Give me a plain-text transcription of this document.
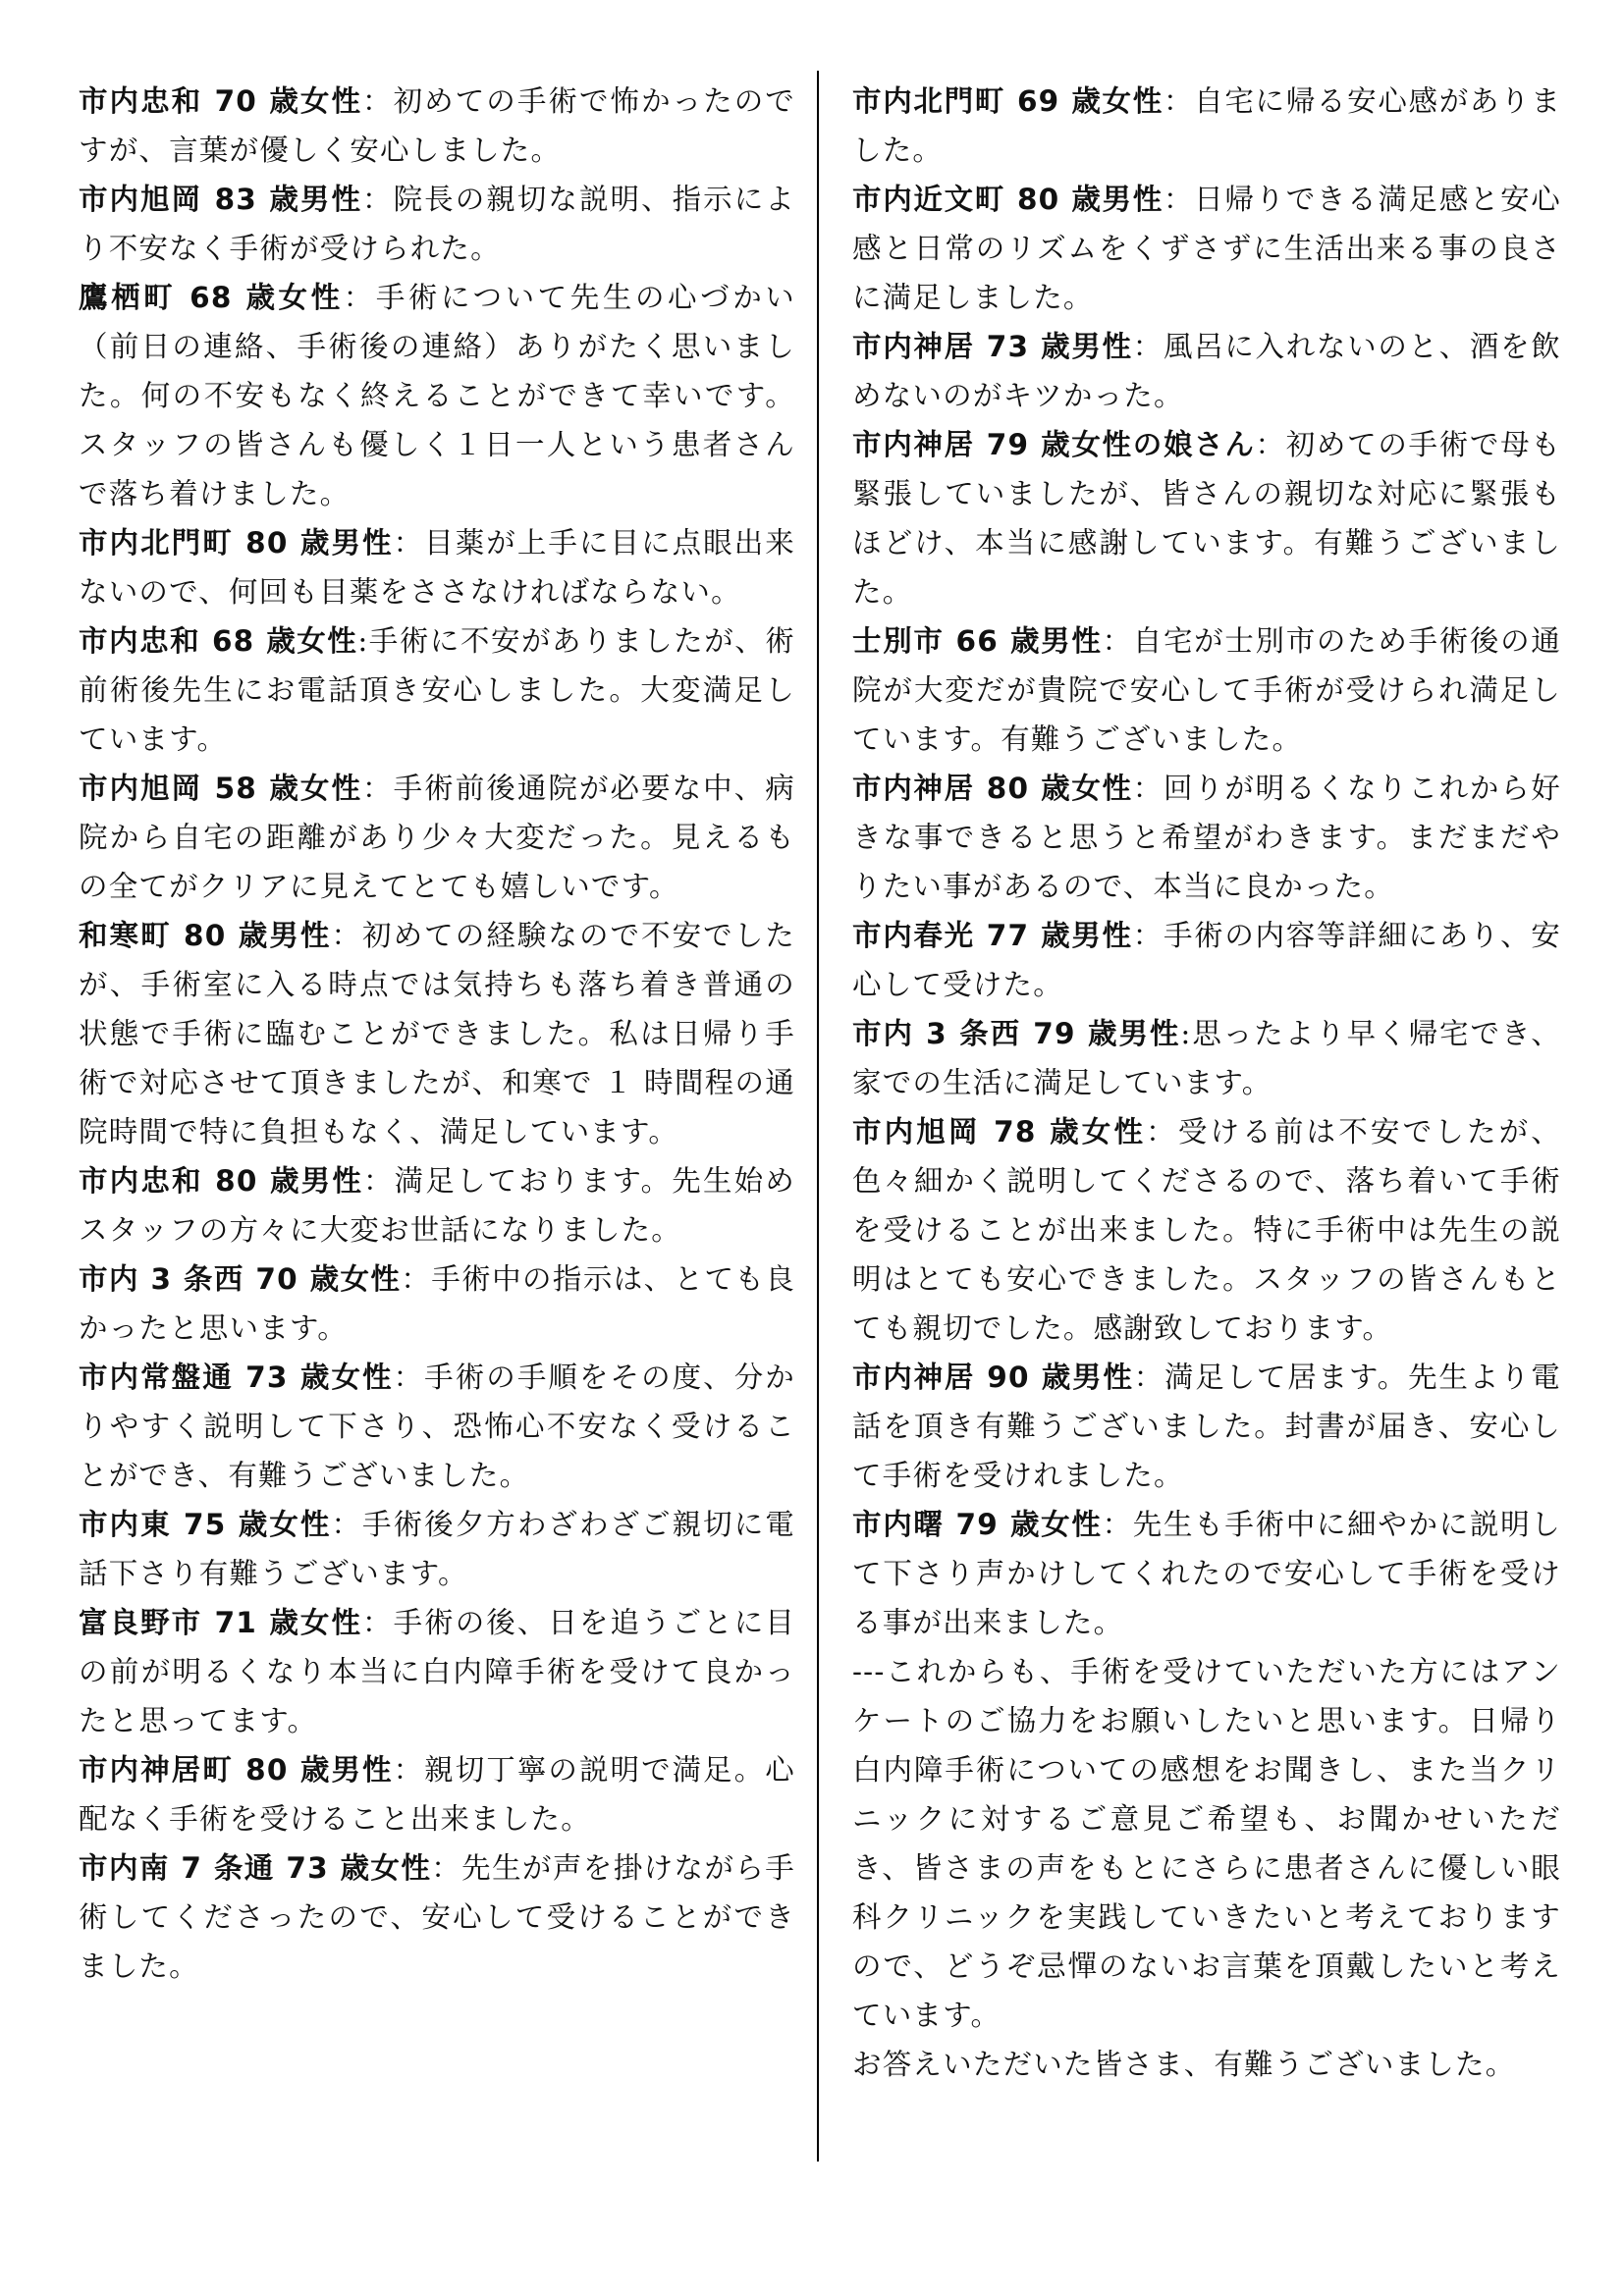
市内忠和 70 歳女性：初めての手術で怖かったのですが、言葉が優しく安心しました。

市内旭岡 83 歳男性：院長の親切な説明、指示により不安なく手術が受けられた。

鷹栖町 68 歳女性：手術について先生の心づかい（前日の連絡、手術後の連絡）ありがたく思いました。何の不安もなく終えることができて幸いです。スタッフの皆さんも優しく１日一人という患者さんで落ち着けました。

市内北門町 80 歳男性：目薬が上手に目に点眼出来ないので、何回も目薬をささなければならない。

市内忠和 68 歳女性:手術に不安がありましたが、術前術後先生にお電話頂き安心しました。大変満足しています。

市内旭岡 58 歳女性：手術前後通院が必要な中、病院から自宅の距離があり少々大変だった。見えるもの全てがクリアに見えてとても嬉しいです。

和寒町 80 歳男性：初めての経験なので不安でしたが、手術室に入る時点では気持ちも落ち着き普通の状態で手術に臨むことができました。私は日帰り手術で対応させて頂きましたが、和寒で １ 時間程の通院時間で特に負担もなく、満足しています。

市内忠和 80 歳男性：満足しております。先生始めスタッフの方々に大変お世話になりました。

市内 3 条西 70 歳女性：手術中の指示は、とても良かったと思います。

市内常盤通 73 歳女性：手術の手順をその度、分かりやすく説明して下さり、恐怖心不安なく受けることができ、有難うございました。

市内東 75 歳女性：手術後夕方わざわざご親切に電話下さり有難うございます。

富良野市 71 歳女性：手術の後、日を追うごとに目の前が明るくなり本当に白内障手術を受けて良かったと思ってます。

市内神居町 80 歳男性：親切丁寧の説明で満足。心配なく手術を受けること出来ました。

市内南 7 条通 73 歳女性：先生が声を掛けながら手術してくださったので、安心して受けることができました。

市内北門町 69 歳女性：自宅に帰る安心感がありました。

市内近文町 80 歳男性：日帰りできる満足感と安心感と日常のリズムをくずさずに生活出来る事の良さに満足しました。

市内神居 73 歳男性：風呂に入れないのと、酒を飲めないのがキツかった。

市内神居 79 歳女性の娘さん：初めての手術で母も緊張していましたが、皆さんの親切な対応に緊張もほどけ、本当に感謝しています。有難うございました。

士別市 66 歳男性：自宅が士別市のため手術後の通院が大変だが貴院で安心して手術が受けられ満足しています。有難うございました。

市内神居 80 歳女性：回りが明るくなりこれから好きな事できると思うと希望がわきます。まだまだやりたい事があるので、本当に良かった。

市内春光 77 歳男性：手術の内容等詳細にあり、安心して受けた。

市内 3 条西 79 歳男性:思ったより早く帰宅でき、家での生活に満足しています。

市内旭岡 78 歳女性：受ける前は不安でしたが、色々細かく説明してくださるので、落ち着いて手術を受けることが出来ました。特に手術中は先生の説明はとても安心できました。スタッフの皆さんもとても親切でした。感謝致しております。

市内神居 90 歳男性：満足して居ます。先生より電話を頂き有難うございました。封書が届き、安心して手術を受けれました。

市内曙 79 歳女性：先生も手術中に細やかに説明して下さり声かけしてくれたので安心して手術を受ける事が出来ました。

---これからも、手術を受けていただいた方にはアンケートのご協力をお願いしたいと思います。日帰り白内障手術についての感想をお聞きし、また当クリニックに対するご意見ご希望も、お聞かせいただき、皆さまの声をもとにさらに患者さんに優しい眼科クリニックを実践していきたいと考えておりますので、どうぞ忌憚のないお言葉を頂戴したいと考えています。

お答えいただいた皆さま、有難うございました。
